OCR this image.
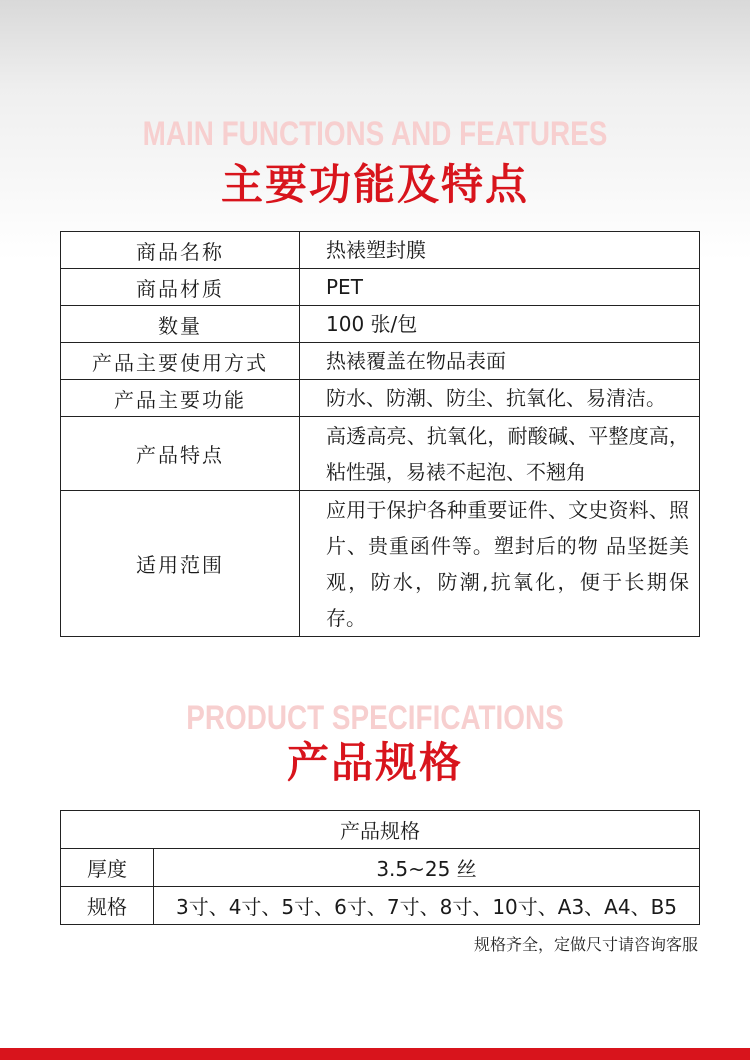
MAIN FUNCTIONS AND FEATURES
主要功能及特点
商品名称	热裱塑封膜
商品材质	PET
数量	100 张/包
产品主要使用方式	热裱覆盖在物品表面
产品主要功能	防水、防潮、防尘、抗氧化、易清洁。
产品特点	高透高亮、抗氧化，耐酸碱、平整度高，粘性强，易裱不起泡、不翘角
适用范围	应用于保护各种重要证件、文史资料、照片、贵重函件等。塑封后的物 品坚挺美观，防水，防潮,抗氧化，便于长期保存。
PRODUCT SPECIFICATIONS
产品规格
产品规格	
厚度	3.5~25 丝
规格	3寸、4寸、5寸、6寸、7寸、8寸、10寸、A3、A4、B5
规格齐全，定做尺寸请咨询客服
